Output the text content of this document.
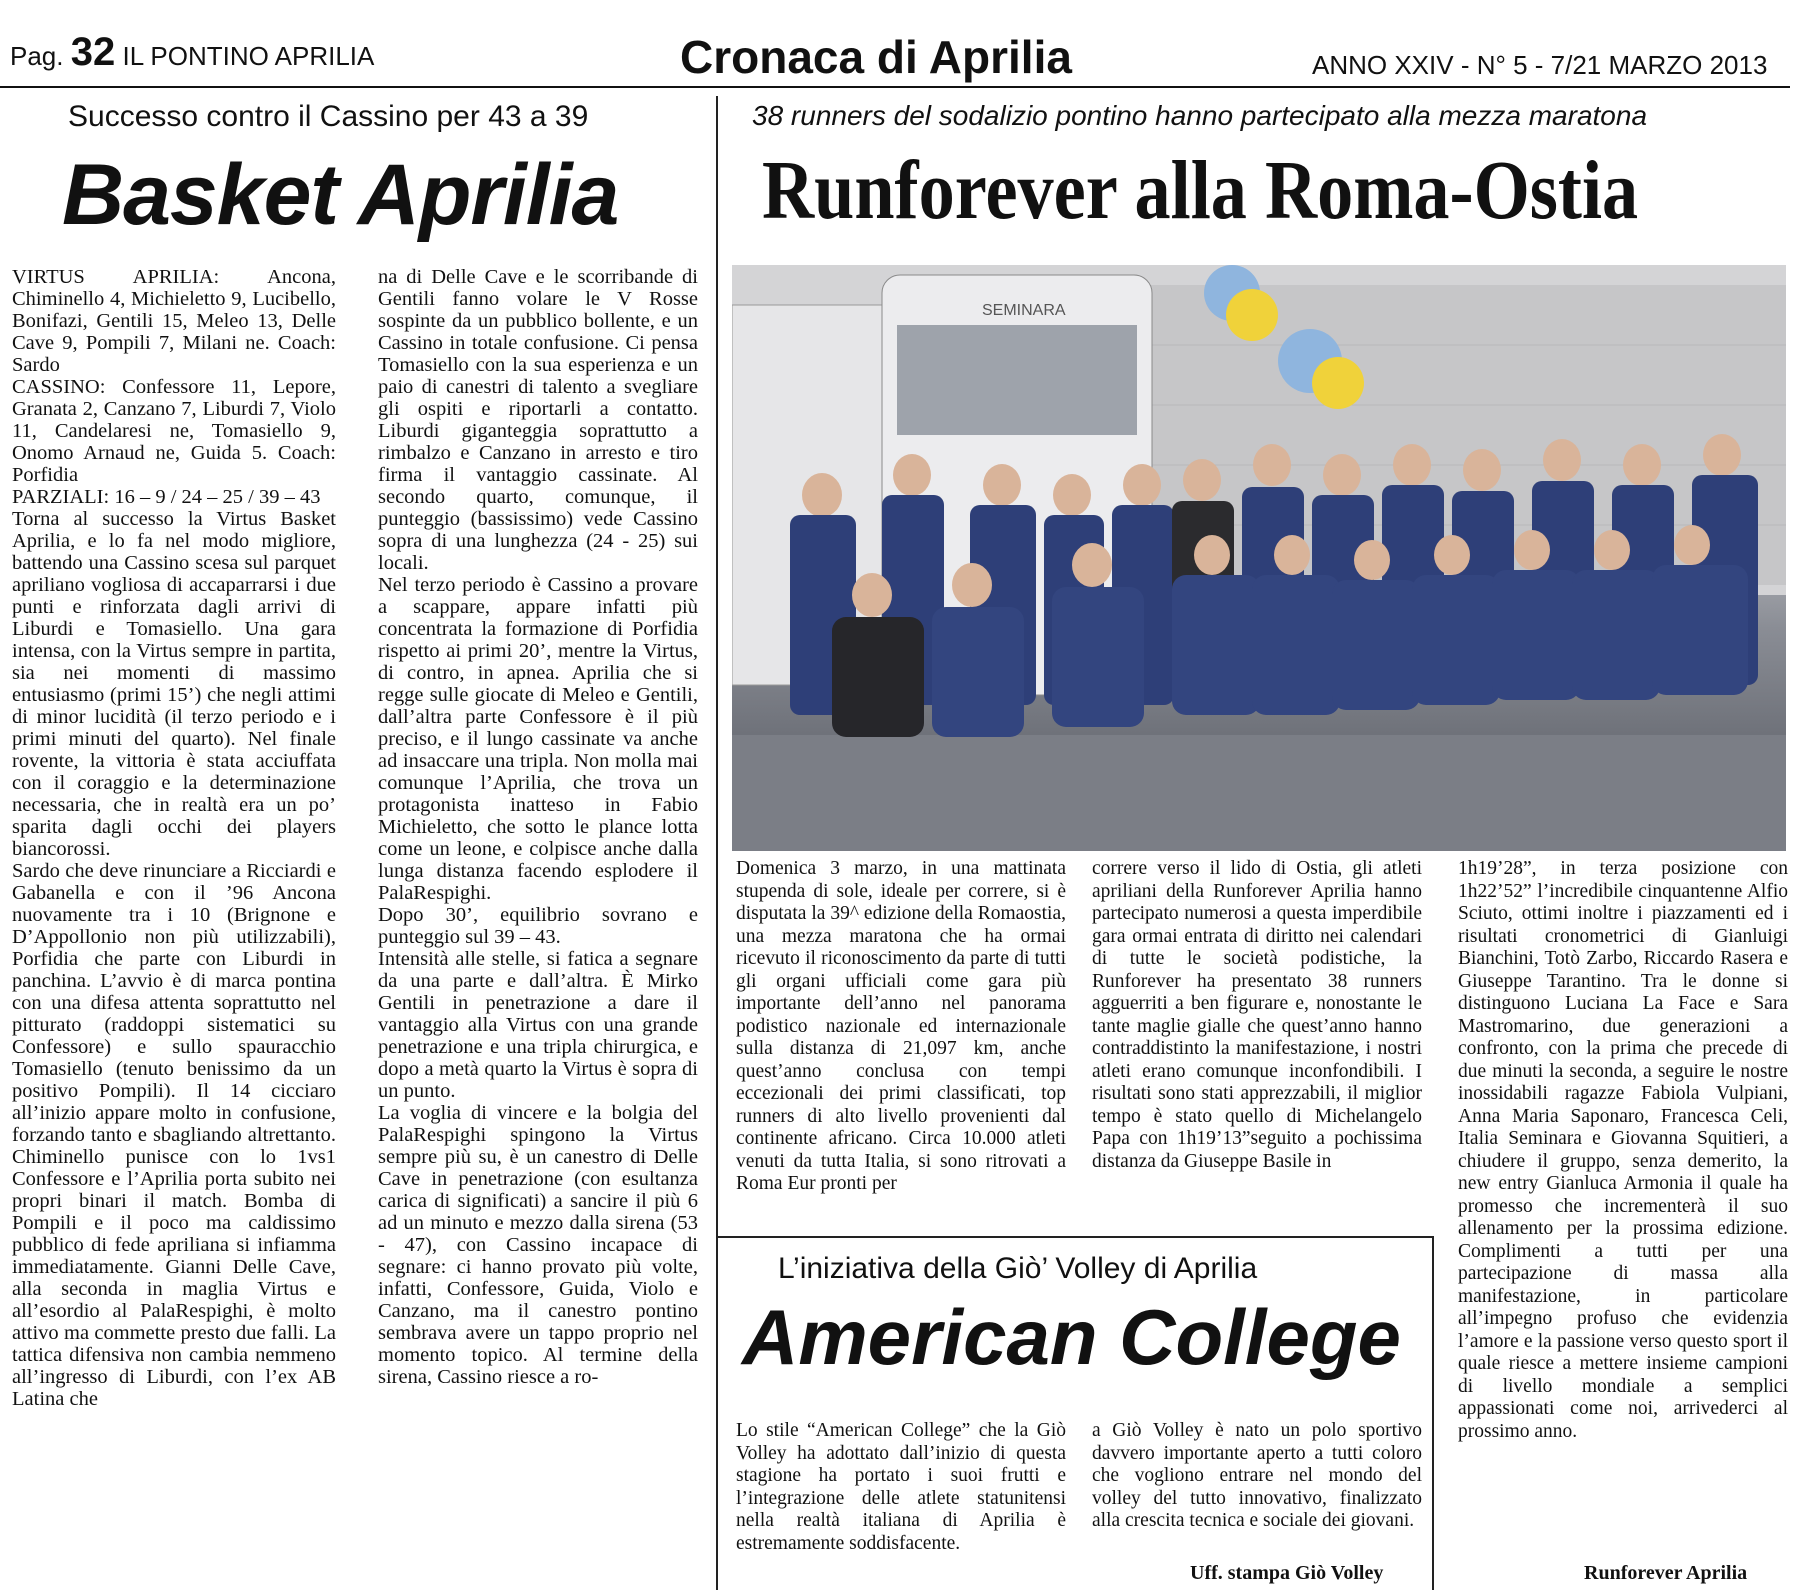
Pag. 32 IL PONTINO APRILIA	Cronaca di Aprilia	ANNO XXIV - N° 5 - 7/21 MARZO 2013
Successo contro il Cassino per 43 a 39
Basket Aprilia

VIRTUS APRILIA: Ancona, Chiminello 4, Michieletto 9, Lucibello, Bonifazi, Gentili 15, Meleo 13, Delle Cave 9, Pompili 7, Milani ne. Coach: Sardo

CASSINO: Confessore 11, Lepore, Granata 2, Canzano 7, Liburdi 7, Violo 11, Candelaresi ne, Tomasiello 9, Onomo Arnaud ne, Guida 5. Coach: Porfidia

PARZIALI: 16 – 9 / 24 – 25 / 39 – 43

Torna al successo la Virtus Basket Aprilia, e lo fa nel modo migliore, battendo una Cassino scesa sul parquet apriliano vogliosa di accaparrarsi i due punti e rinforzata dagli arrivi di Liburdi e Tomasiello. Una gara intensa, con la Virtus sempre in partita, sia nei momenti di massimo entusiasmo (primi 15’) che negli attimi di minor lucidità (il terzo periodo e i primi minuti del quarto). Nel finale rovente, la vittoria è stata acciuffata con il coraggio e la determinazione necessaria, che in realtà era un po’ sparita dagli occhi dei players biancorossi.

Sardo che deve rinunciare a Ricciardi e Gabanella e con il ’96 Ancona nuovamente tra i 10 (Brignone e D’Appollonio non più utilizzabili), Porfidia che parte con Liburdi in panchina. L’avvio è di marca pontina con una difesa attenta soprattutto nel pitturato (raddoppi sistematici su Confessore) e sullo spauracchio Tomasiello (tenuto benissimo da un positivo Pompili). Il 14 cicciaro all’inizio appare molto in confusione, forzando tanto e sbagliando altrettanto. Chiminello punisce con lo 1vs1 Confessore e l’Aprilia porta subito nei propri binari il match. Bomba di Pompili e il poco ma caldissimo pubblico di fede apriliana si infiamma immediatamente. Gianni Delle Cave, alla seconda in maglia Virtus e all’esordio al PalaRespighi, è molto attivo ma commette presto due falli. La tattica difensiva non cambia nemmeno all’ingresso di Liburdi, con l’ex AB Latina che

na di Delle Cave e le scorribande di Gentili fanno volare le V Rosse sospinte da un pubblico bollente, e un Cassino in totale confusione. Ci pensa Tomasiello con la sua esperienza e un paio di canestri di talento a svegliare gli ospiti e riportarli a contatto. Liburdi giganteggia soprattutto a rimbalzo e Canzano in arresto e tiro firma il vantaggio cassinate. Al secondo quarto, comunque, il punteggio (bassissimo) vede Cassino sopra di una lunghezza (24 - 25) sui locali.

Nel terzo periodo è Cassino a provare a scappare, appare infatti più concentrata la formazione di Porfidia rispetto ai primi 20’, mentre la Virtus, di contro, in apnea. Aprilia che si regge sulle giocate di Meleo e Gentili, dall’altra parte Confessore è il più preciso, e il lungo cassinate va anche ad insaccare una tripla. Non molla mai comunque l’Aprilia, che trova un protagonista inatteso in Fabio Michieletto, che sotto le plance lotta come un leone, e colpisce anche dalla lunga distanza facendo esplodere il PalaRespighi.

Dopo 30’, equilibrio sovrano e punteggio sul 39 – 43.

Intensità alle stelle, si fatica a segnare da una parte e dall’altra. È Mirko Gentili in penetrazione a dare il vantaggio alla Virtus con una grande penetrazione e una tripla chirurgica, e dopo a metà quarto la Virtus è sopra di un punto.

La voglia di vincere e la bolgia del PalaRespighi spingono la Virtus sempre più su, è un canestro di Delle Cave in penetrazione (con esultanza carica di significati) a sancire il più 6 ad un minuto e mezzo dalla sirena (53 - 47), con Cassino incapace di segnare: ci hanno provato più volte, infatti, Confessore, Guida, Violo e Canzano, ma il canestro pontino sembrava avere un tappo proprio nel momento topico. Al termine della sirena, Cassino riesce a ro-

38 runners del sodalizio pontino hanno partecipato alla mezza maratona
Runforever alla Roma-Ostia
SEMINARA

Domenica 3 marzo, in una mattinata stupenda di sole, ideale per correre, si è disputata la 39^ edizione della Romaostia, una mezza maratona che ha ormai ricevuto il riconoscimento da parte di tutti gli organi ufficiali come gara più importante dell’anno nel panorama podistico nazionale ed internazionale sulla distanza di 21,097 km, anche quest’anno conclusa con tempi eccezionali dei primi classificati, top runners di alto livello provenienti dal continente africano. Circa 10.000 atleti venuti da tutta Italia, si sono ritrovati a Roma Eur pronti per

correre verso il lido di Ostia, gli atleti apriliani della Runforever Aprilia hanno partecipato numerosi a questa imperdibile gara ormai entrata di diritto nei calendari di tutte le società podistiche, la Runforever ha presentato 38 runners agguerriti a ben figurare e, nonostante le tante maglie gialle che quest’anno hanno contraddistinto la manifestazione, i nostri atleti erano comunque inconfondibili. I risultati sono stati apprezzabili, il miglior tempo è stato quello di Michelangelo Papa con 1h19’13”seguito a pochissima distanza da Giuseppe Basile in

1h19’28”, in terza posizione con 1h22’52” l’incredibile cinquantenne Alfio Sciuto, ottimi inoltre i piazzamenti ed i risultati cronometrici di Gianluigi Bianchini, Totò Zarbo, Riccardo Rasera e Giuseppe Tarantino. Tra le donne si distinguono Luciana La Face e Sara Mastromarino, due generazioni a confronto, con la prima che precede di due minuti la seconda, a seguire le nostre inossidabili ragazze Fabiola Vulpiani, Anna Maria Saponaro, Francesca Celi, Italia Seminara e Giovanna Squitieri, a chiudere il gruppo, senza demerito, la new entry Gianluca Armonia il quale ha promesso che incrementerà il suo allenamento per la prossima edizione. Complimenti a tutti per una partecipazione di massa alla manifestazione, in particolare all’impegno profuso che evidenzia l’amore e la passione verso questo sport il quale riesce a mettere insieme campioni di livello mondiale a semplici appassionati come noi, arrivederci al prossimo anno.

Runforever Aprilia
L’iniziativa della Giò’ Volley di Aprilia
American College

Lo stile “American College” che la Giò Volley ha adottato dall’inizio di questa stagione ha portato i suoi frutti e l’integrazione delle atlete statunitensi nella realtà italiana di Aprilia è estremamente soddisfacente.

a Giò Volley è nato un polo sportivo davvero importante aperto a tutti coloro che vogliono entrare nel mondo del volley del tutto innovativo, finalizzato alla crescita tecnica e sociale dei giovani.

Uff. stampa Giò Volley
